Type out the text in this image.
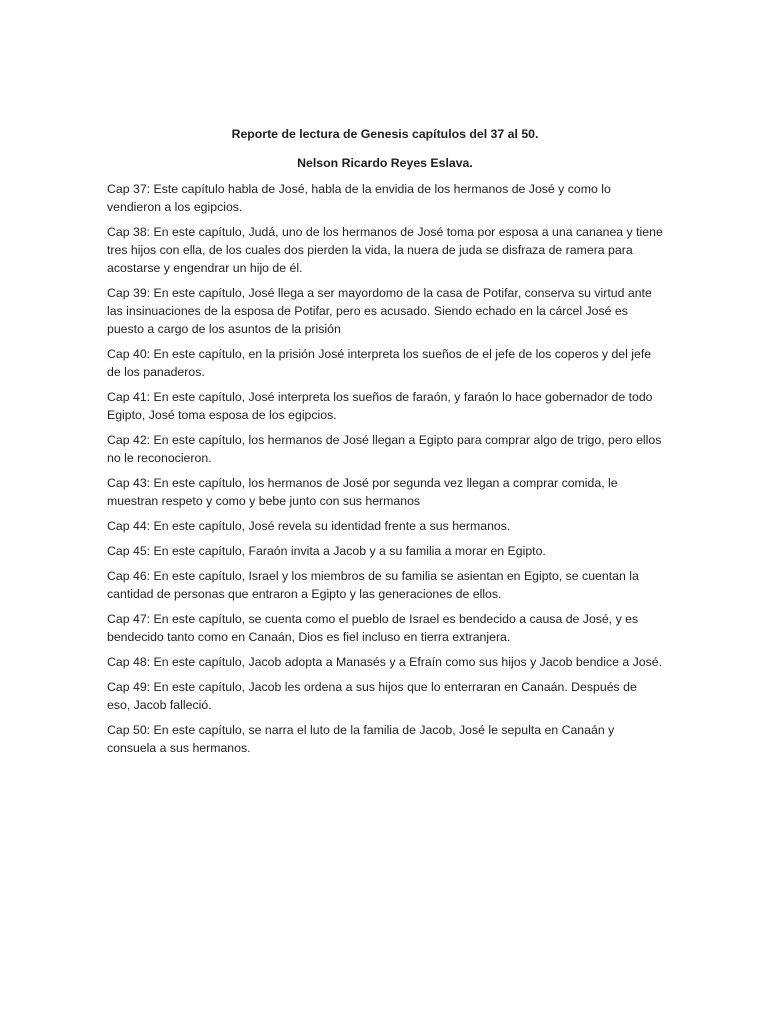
Reporte de lectura de Genesis capítulos del 37 al 50.

Nelson Ricardo Reyes Eslava.

Cap 37: Este capítulo habla de José, habla de la envidia de los hermanos de José y como lo vendieron a los egipcios.

Cap 38: En este capítulo, Judá, uno de los hermanos de José toma por esposa a una cananea y tiene tres hijos con ella, de los cuales dos pierden la vida, la nuera de juda se disfraza de ramera para acostarse y engendrar un hijo de él.

Cap 39: En este capítulo, José llega a ser mayordomo de la casa de Potifar, conserva su virtud ante las insinuaciones de la esposa de Potifar, pero es acusado. Siendo echado en la cárcel José es puesto a cargo de los asuntos de la prisión

Cap 40: En este capítulo, en la prisión José interpreta los sueños de el jefe de los coperos y del jefe de los panaderos.

Cap 41: En este capítulo, José interpreta los sueños de faraón, y faraón lo hace gobernador de todo Egipto, José toma esposa de los egipcios.

Cap 42: En este capítulo, los hermanos de José llegan a Egipto para comprar algo de trigo, pero ellos no le reconocieron.

Cap 43: En este capítulo, los hermanos de José por segunda vez llegan a comprar comida, le muestran respeto y como y bebe junto con sus hermanos

Cap 44: En este capítulo, José revela su identidad frente a sus hermanos.

Cap 45: En este capítulo, Faraón invita a Jacob y a su familia a morar en Egipto.

Cap 46: En este capítulo, Israel y los miembros de su familia se asientan en Egipto, se cuentan la cantidad de personas que entraron a Egipto y las generaciones de ellos.

Cap 47: En este capítulo, se cuenta como el pueblo de Israel es bendecido a causa de José, y es bendecido tanto como en Canaán, Dios es fiel incluso en tierra extranjera.

Cap 48: En este capítulo, Jacob adopta a Manasés y a Efraín como sus hijos y Jacob bendice a José.

Cap 49: En este capítulo, Jacob les ordena a sus hijos que lo enterraran en Canaán. Después de eso, Jacob falleció.

Cap 50: En este capítulo, se narra el luto de la familia de Jacob, José le sepulta en Canaán y consuela a sus hermanos.
